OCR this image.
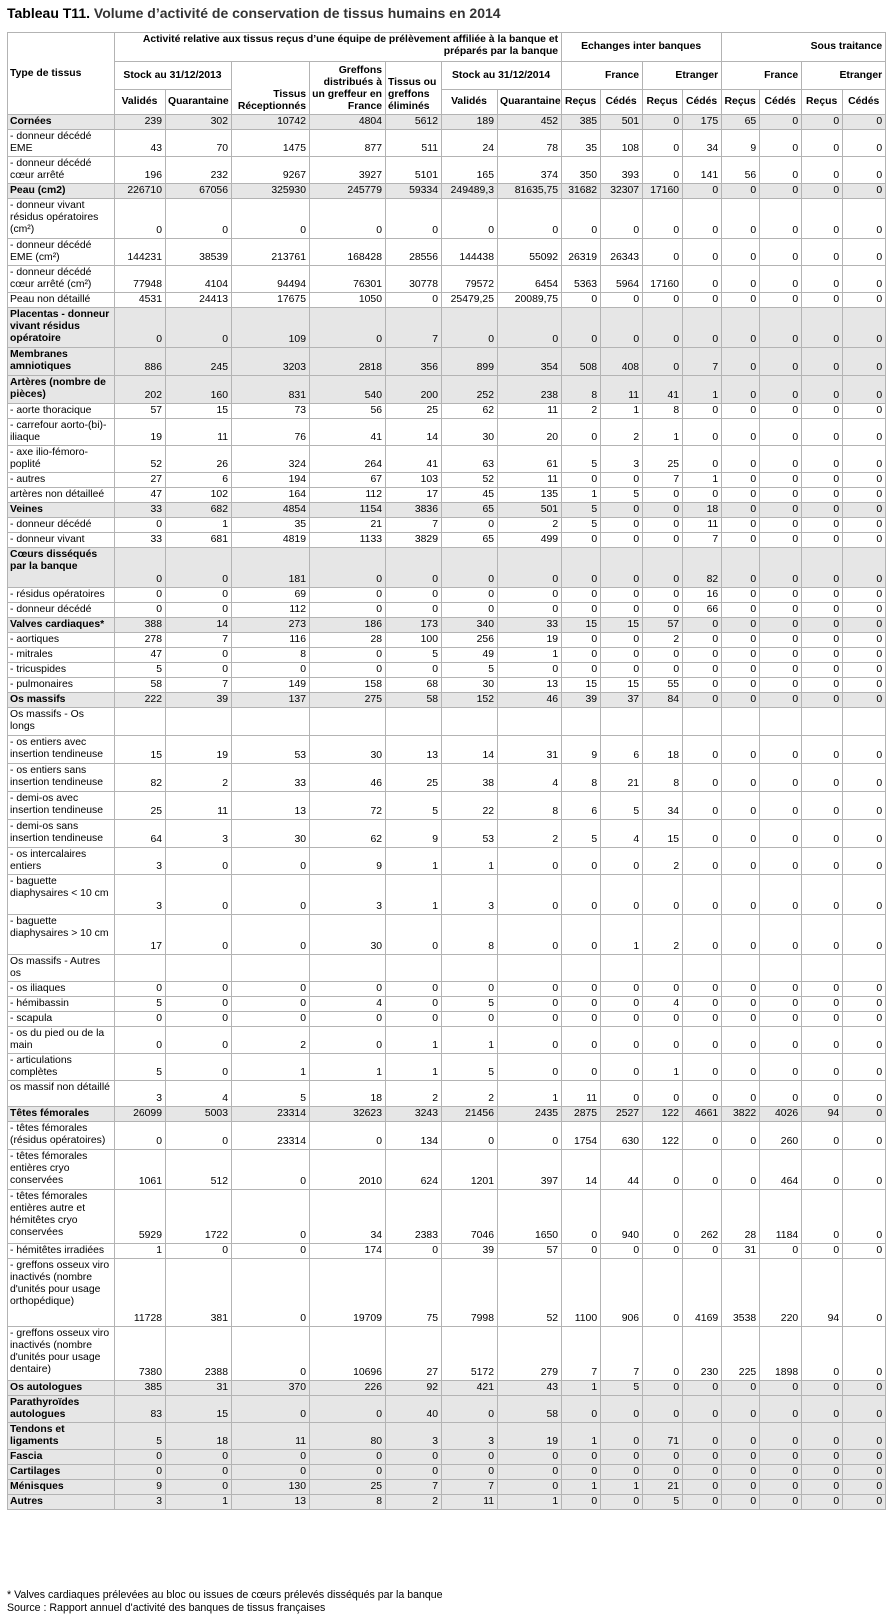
Tableau T11. Volume d’activité de conservation de tissus humains en 2014
Type de tissus	Activité relative aux tissus reçus d’une équipe de prélèvement affiliée à la banque et préparés par la banque							Echanges inter banques				Sous traitance			
	Stock au 31/12/2013		Tissus Réceptionnés	Greffons distribués à un greffeur en France	Tissus ou greffons éliminés	Stock au 31/12/2014		France		Etranger		France		Etranger	
	Validés	Quarantaine				Validés	Quarantaine	Reçus	Cédés	Reçus	Cédés	Reçus	Cédés	Reçus	Cédés
Cornées	239	302	10742	4804	5612	189	452	385	501	0	175	65	0	0	0
- donneur décédé EME	43	70	1475	877	511	24	78	35	108	0	34	9	0	0	0
- donneur décédé cœur arrêté	196	232	9267	3927	5101	165	374	350	393	0	141	56	0	0	0
Peau (cm2)	226710	67056	325930	245779	59334	249489,3	81635,75	31682	32307	17160	0	0	0	0	0
- donneur vivant résidus opératoires (cm²)	0	0	0	0	0	0	0	0	0	0	0	0	0	0	0
- donneur décédé EME (cm²)	144231	38539	213761	168428	28556	144438	55092	26319	26343	0	0	0	0	0	0
- donneur décédé cœur arrêté (cm²)	77948	4104	94494	76301	30778	79572	6454	5363	5964	17160	0	0	0	0	0
Peau non détaillé	4531	24413	17675	1050	0	25479,25	20089,75	0	0	0	0	0	0	0	0
Placentas - donneur vivant résidus opératoire	0	0	109	0	7	0	0	0	0	0	0	0	0	0	0
Membranes amniotiques	886	245	3203	2818	356	899	354	508	408	0	7	0	0	0	0
Artères (nombre de pièces)	202	160	831	540	200	252	238	8	11	41	1	0	0	0	0
- aorte thoracique	57	15	73	56	25	62	11	2	1	8	0	0	0	0	0
- carrefour aorto-(bi)-iliaque	19	11	76	41	14	30	20	0	2	1	0	0	0	0	0
- axe ilio-fémoro-poplité	52	26	324	264	41	63	61	5	3	25	0	0	0	0	0
- autres	27	6	194	67	103	52	11	0	0	7	1	0	0	0	0
artères non détailleé	47	102	164	112	17	45	135	1	5	0	0	0	0	0	0
Veines	33	682	4854	1154	3836	65	501	5	0	0	18	0	0	0	0
- donneur décédé	0	1	35	21	7	0	2	5	0	0	11	0	0	0	0
- donneur vivant	33	681	4819	1133	3829	65	499	0	0	0	7	0	0	0	0
Cœurs disséqués par la banque	0	0	181	0	0	0	0	0	0	0	82	0	0	0	0
- résidus opératoires	0	0	69	0	0	0	0	0	0	0	16	0	0	0	0
- donneur décédé	0	0	112	0	0	0	0	0	0	0	66	0	0	0	0
Valves cardiaques*	388	14	273	186	173	340	33	15	15	57	0	0	0	0	0
- aortiques	278	7	116	28	100	256	19	0	0	2	0	0	0	0	0
- mitrales	47	0	8	0	5	49	1	0	0	0	0	0	0	0	0
- tricuspides	5	0	0	0	0	5	0	0	0	0	0	0	0	0	0
- pulmonaires	58	7	149	158	68	30	13	15	15	55	0	0	0	0	0
Os massifs	222	39	137	275	58	152	46	39	37	84	0	0	0	0	0
Os massifs - Os longs															
- os entiers avec insertion tendineuse	15	19	53	30	13	14	31	9	6	18	0	0	0	0	0
- os entiers sans insertion tendineuse	82	2	33	46	25	38	4	8	21	8	0	0	0	0	0
- demi-os avec insertion tendineuse	25	11	13	72	5	22	8	6	5	34	0	0	0	0	0
- demi-os sans insertion tendineuse	64	3	30	62	9	53	2	5	4	15	0	0	0	0	0
- os intercalaires entiers	3	0	0	9	1	1	0	0	0	2	0	0	0	0	0
- baguette diaphysaires < 10 cm	3	0	0	3	1	3	0	0	0	0	0	0	0	0	0
- baguette diaphysaires > 10 cm	17	0	0	30	0	8	0	0	1	2	0	0	0	0	0
Os massifs - Autres os															
- os iliaques	0	0	0	0	0	0	0	0	0	0	0	0	0	0	0
- hémibassin	5	0	0	4	0	5	0	0	0	4	0	0	0	0	0
- scapula	0	0	0	0	0	0	0	0	0	0	0	0	0	0	0
- os du pied ou de la main	0	0	2	0	1	1	0	0	0	0	0	0	0	0	0
- articulations complètes	5	0	1	1	1	5	0	0	0	1	0	0	0	0	0
os massif non détaillé	3	4	5	18	2	2	1	11	0	0	0	0	0	0	0
Têtes fémorales	26099	5003	23314	32623	3243	21456	2435	2875	2527	122	4661	3822	4026	94	0
- têtes fémorales (résidus opératoires)	0	0	23314	0	134	0	0	1754	630	122	0	0	260	0	0
- têtes fémorales entières cryo conservées	1061	512	0	2010	624	1201	397	14	44	0	0	0	464	0	0
- têtes fémorales entières autre et hémitêtes cryo conservées	5929	1722	0	34	2383	7046	1650	0	940	0	262	28	1184	0	0
- hémitêtes irradiées	1	0	0	174	0	39	57	0	0	0	0	31	0	0	0
- greffons osseux viro inactivés (nombre d'unités pour usage orthopédique)	11728	381	0	19709	75	7998	52	1100	906	0	4169	3538	220	94	0
- greffons osseux viro inactivés (nombre d'unités pour usage dentaire)	7380	2388	0	10696	27	5172	279	7	7	0	230	225	1898	0	0
Os autologues	385	31	370	226	92	421	43	1	5	0	0	0	0	0	0
Parathyroïdes autologues	83	15	0	0	40	0	58	0	0	0	0	0	0	0	0
Tendons et ligaments	5	18	11	80	3	3	19	1	0	71	0	0	0	0	0
Fascia	0	0	0	0	0	0	0	0	0	0	0	0	0	0	0
Cartilages	0	0	0	0	0	0	0	0	0	0	0	0	0	0	0
Ménisques	9	0	130	25	7	7	0	1	1	21	0	0	0	0	0
Autres	3	1	13	8	2	11	1	0	0	5	0	0	0	0	0
* Valves cardiaques prélevées au bloc ou issues de cœurs prélevés disséqués par la banque
Source : Rapport annuel d'activité des banques de tissus françaises
